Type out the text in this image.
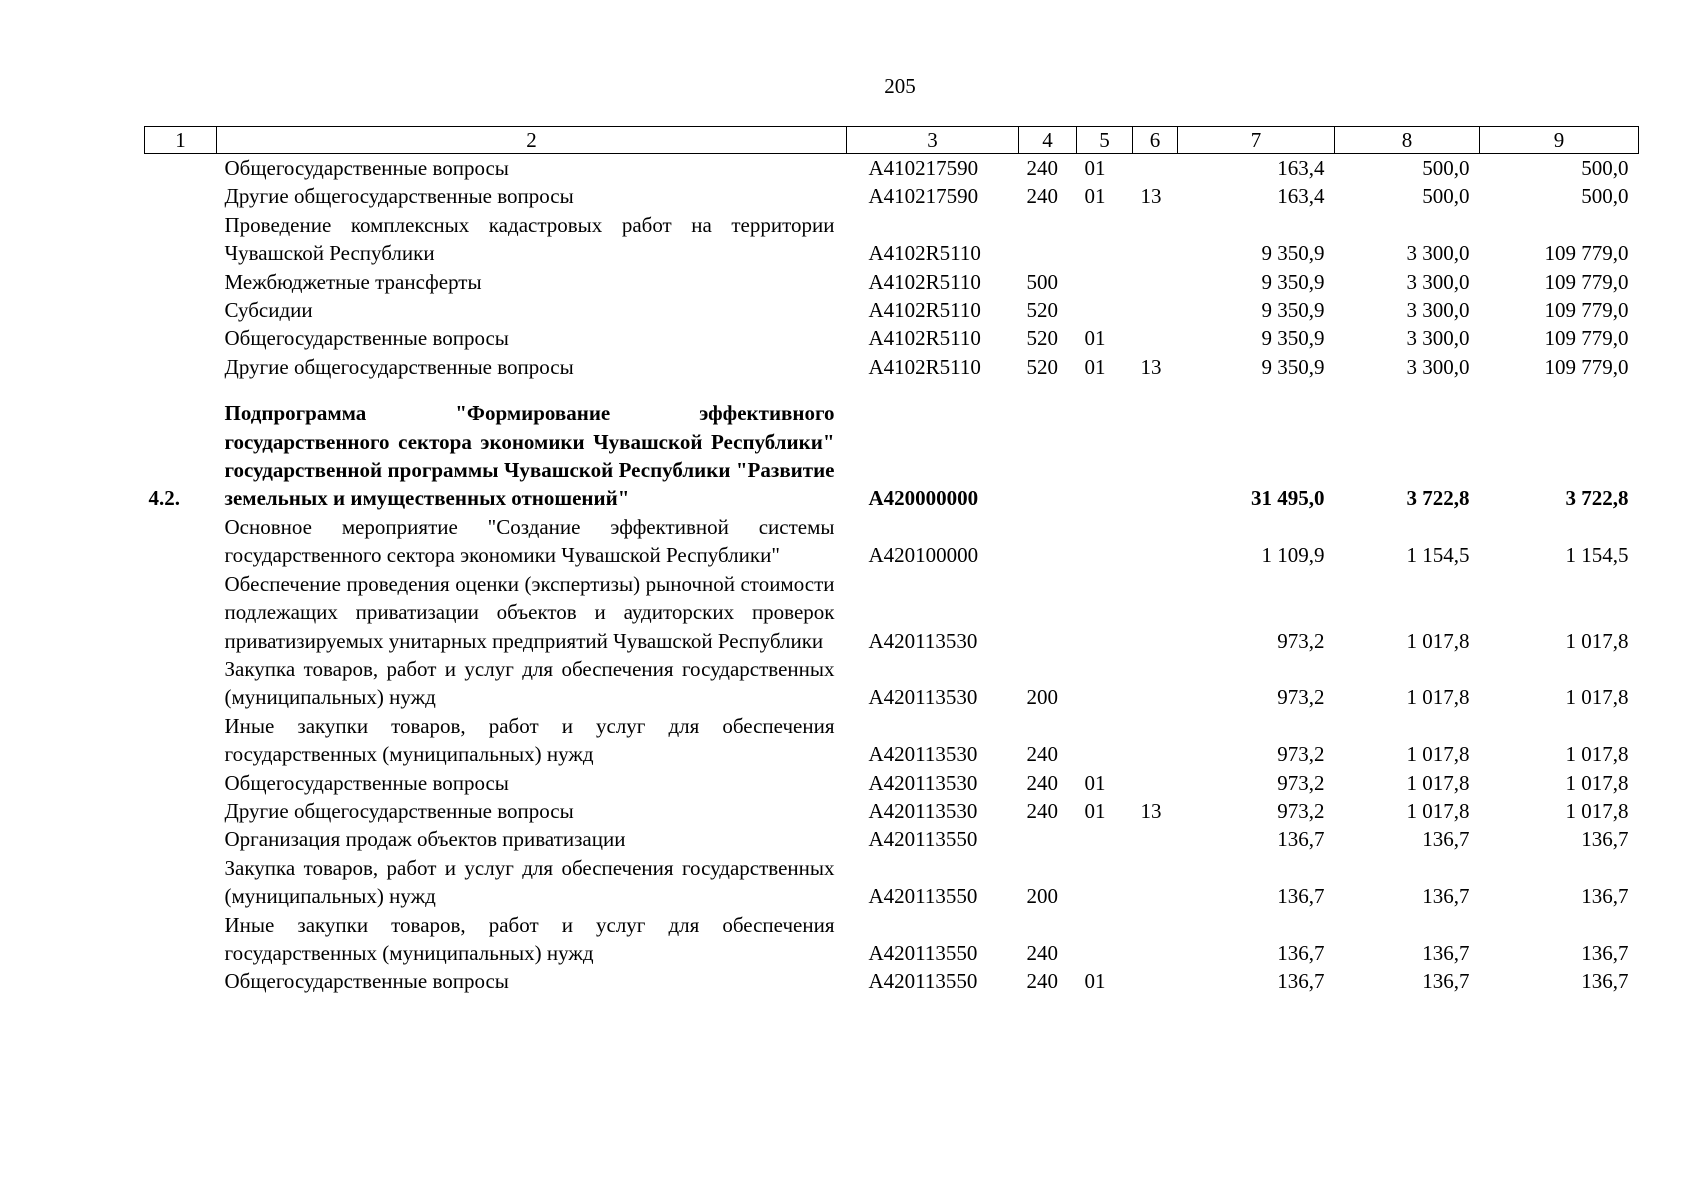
205
1	2	3	4	5	6	7	8	9
	Общегосударственные вопросы	А410217590	240	01		163,4	500,0	500,0
	Другие общегосударственные вопросы	А410217590	240	01	13	163,4	500,0	500,0
	Проведение комплексных кадастровых работ на территории Чувашской Республики	А4102R5110				9 350,9	3 300,0	109 779,0
	Межбюджетные трансферты	А4102R5110	500			9 350,9	3 300,0	109 779,0
	Субсидии	А4102R5110	520			9 350,9	3 300,0	109 779,0
	Общегосударственные вопросы	А4102R5110	520	01		9 350,9	3 300,0	109 779,0
	Другие общегосударственные вопросы	А4102R5110	520	01	13	9 350,9	3 300,0	109 779,0

4.2.	Подпрограмма "Формирование эффективного государственного сектора экономики Чувашской Республики" государственной программы Чувашской Республики "Развитие земельных и имущественных отношений"	А420000000				31 495,0	3 722,8	3 722,8
	Основное мероприятие "Создание эффективной системы государственного сектора экономики Чувашской Республики"	А420100000				1 109,9	1 154,5	1 154,5
	Обеспечение проведения оценки (экспертизы) рыночной стоимости подлежащих приватизации объектов и аудиторских проверок приватизируемых унитарных предприятий Чувашской Республики	А420113530				973,2	1 017,8	1 017,8
	Закупка товаров, работ и услуг для обеспечения государственных (муниципальных) нужд	А420113530	200			973,2	1 017,8	1 017,8
	Иные закупки товаров, работ и услуг для обеспечения государственных (муниципальных) нужд	А420113530	240			973,2	1 017,8	1 017,8
	Общегосударственные вопросы	А420113530	240	01		973,2	1 017,8	1 017,8
	Другие общегосударственные вопросы	А420113530	240	01	13	973,2	1 017,8	1 017,8
	Организация продаж объектов приватизации	А420113550				136,7	136,7	136,7
	Закупка товаров, работ и услуг для обеспечения государственных (муниципальных) нужд	А420113550	200			136,7	136,7	136,7
	Иные закупки товаров, работ и услуг для обеспечения государственных (муниципальных) нужд	А420113550	240			136,7	136,7	136,7
	Общегосударственные вопросы	А420113550	240	01		136,7	136,7	136,7
